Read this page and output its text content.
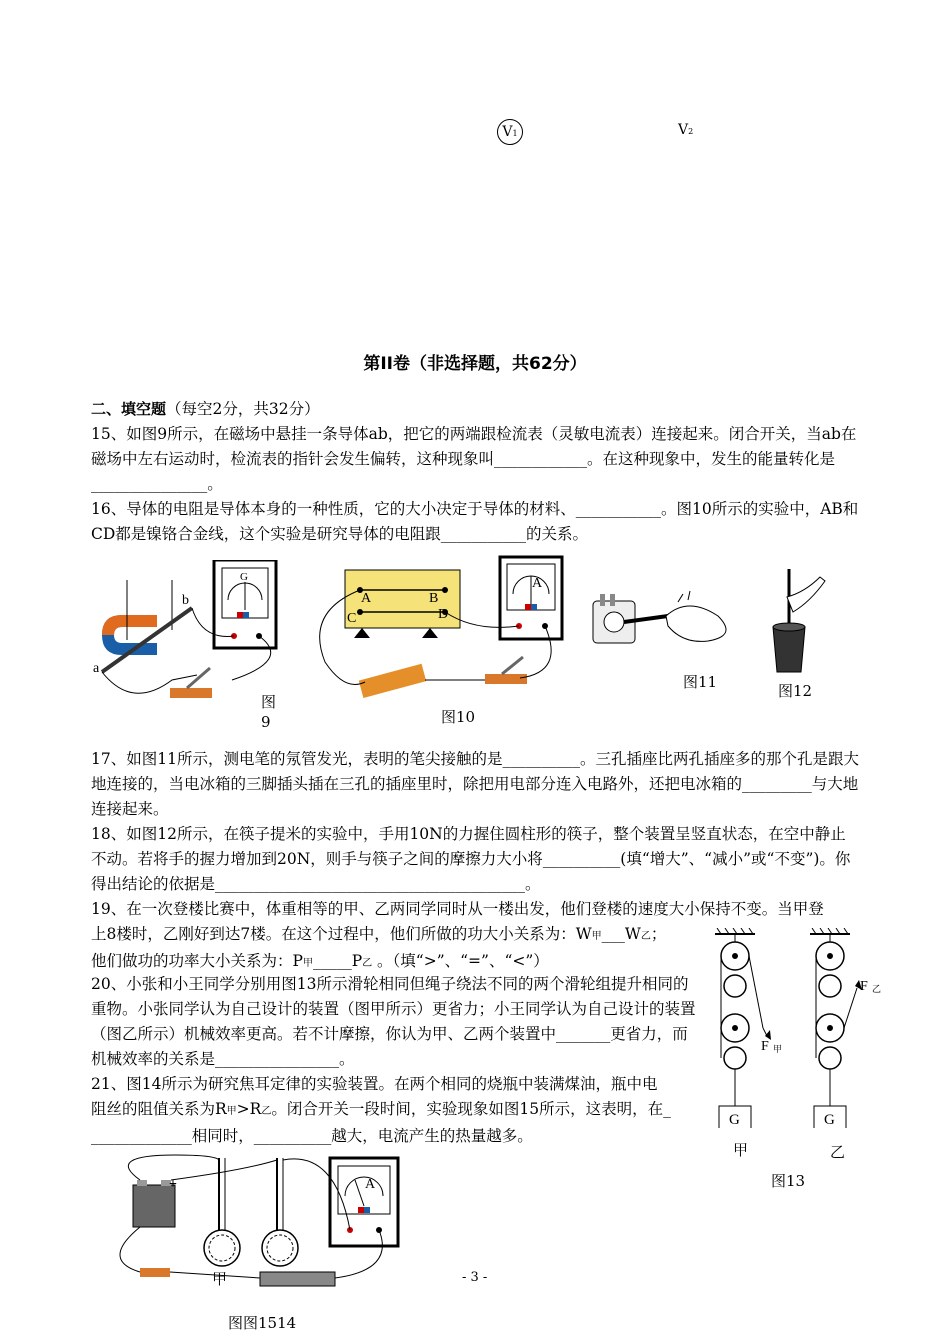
V1	V2
第II卷（非选择题，共62分）
二、填空题（每空2分，共32分）
15、如图9所示，在磁场中悬挂一条导体ab，把它的两端跟检流表（灵敏电流表）连接起来。闭合开关，当ab在磁场中左右运动时，检流表的指针会发生偏转，这种现象叫____________。在这种现象中，发生的能量转化是_______________。
16、导体的电阻是导体本身的一种性质，它的大小决定于导体的材料、___________。图10所示的实验中，AB和CD都是镍铬合金线，这个实验是研究导体的电阻跟___________的关系。
a
b
G
图9
A	B
C	D
A
图10
图11	图12
17、如图11所示，测电笔的氖管发光，表明的笔尖接触的是__________。三孔插座比两孔插座多的那个孔是跟大地连接的，当电冰箱的三脚插头插在三孔的插座里时，除把用电部分连入电路外，还把电冰箱的_________与大地连接起来。
18、如图12所示，在筷子提米的实验中，手用10N的力握住圆柱形的筷子，整个装置呈竖直状态，在空中静止不动。若将手的握力增加到20N，则手与筷子之间的摩擦力大小将__________(填“增大”、“减小”或“不变”)。你得出结论的依据是________________________________________。
19、在一次登楼比赛中，体重相等的甲、乙两同学同时从一楼出发，他们登楼的速度大小保持不变。当甲登
上8楼时，乙刚好到达7楼。在这个过程中，他们所做的功大小关系为：W甲___W乙；
他们做功的功率大小关系为：P甲_____P乙 。（填“>”、“=”、“<”）
20、小张和小王同学分别用图13所示滑轮相同但绳子绕法不同的两个滑轮组提升相同的重物。小张同学认为自己设计的装置（图甲所示）更省力；小王同学认为自己设计的装置（图乙所示）机械效率更高。若不计摩擦，你认为甲、乙两个装置中_______更省力，而机械效率的关系是________________。
21、图14所示为研究焦耳定律的实验装置。在两个相同的烧瓶中装满煤油，瓶中电
阻丝的阻值关系为R甲>R乙。闭合开关一段时间，实验现象如图15所示，这表明，在_
_____________相同时，__________越大，电流产生的热量越多。
G
F 甲
G
F 乙
甲	乙
图13
+	A
甲
图图1514
- 3 -
